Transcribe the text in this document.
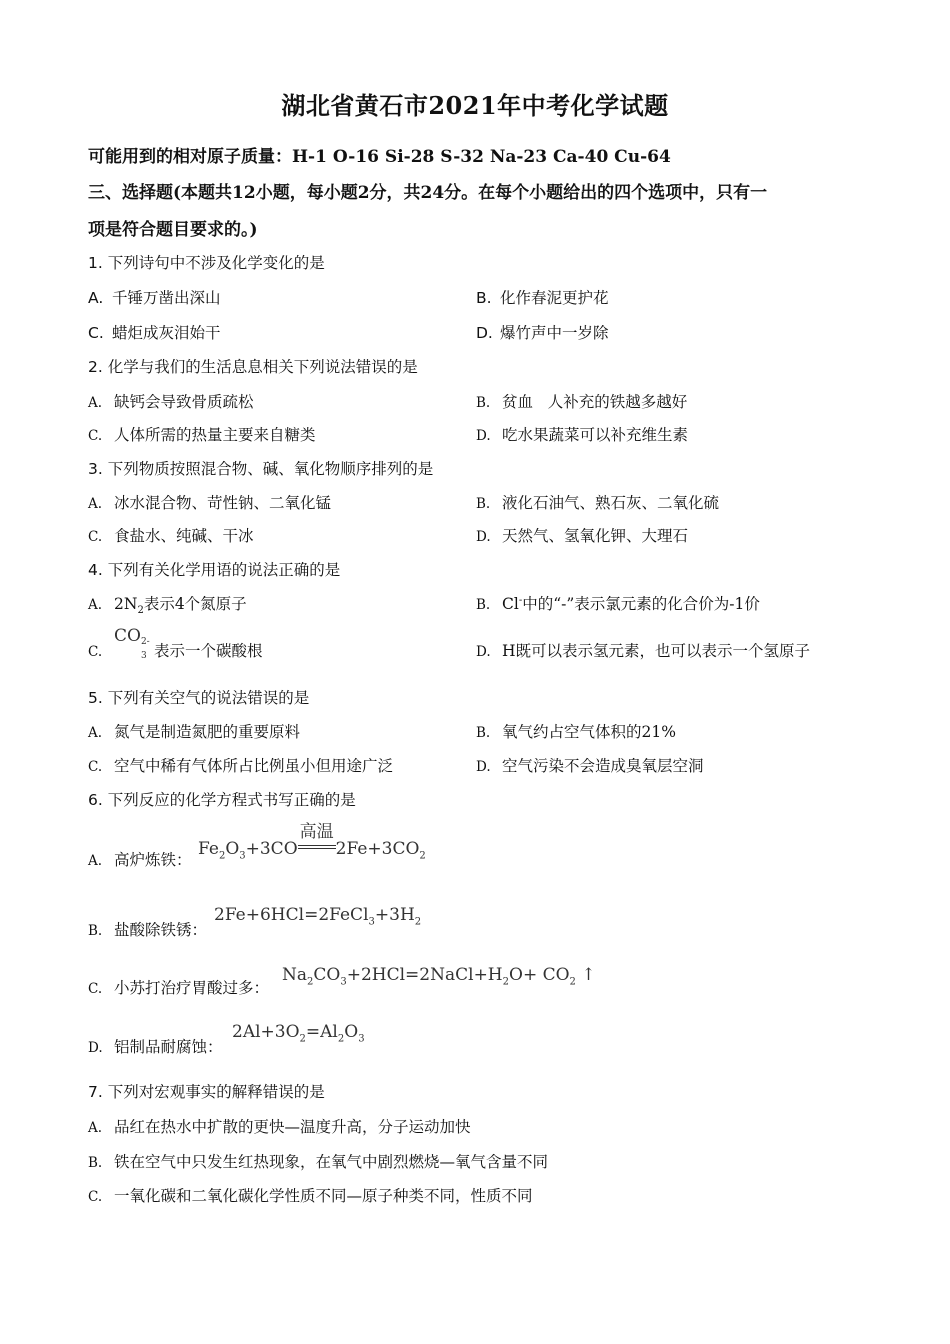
湖北省黄石市2021年中考化学试题
可能用到的相对原子质量：H-1 O-16 Si-28 S-32 Na-23 Ca-40 Cu-64
三、选择题(本题共12小题，每小题2分，共24分。在每个小题给出的四个选项中，只有一
项是符合题目要求的。)
1. 下列诗句中不涉及化学变化的是
A. 千锤万凿出深山	B. 化作春泥更护花
C. 蜡炬成灰泪始干	D. 爆竹声中一岁除
2. 化学与我们的生活息息相关下列说法错误的是
A. 缺钙会导致骨质疏松	B. 贫血   人补充的铁越多越好
C. 人体所需的热量主要来自糖类	D. 吃水果蔬菜可以补充维生素
3. 下列物质按照混合物、碱、氧化物顺序排列的是
A. 冰水混合物、苛性钠、二氧化锰	B. 液化石油气、熟石灰、二氧化硫
C. 食盐水、纯碱、干冰	D. 天然气、氢氧化钾、大理石
4. 下列有关化学用语的说法正确的是
A. $2N_2$表示4个氮原子	B. Cl-中的“-”表示氯元素的化合价为-1价
C.	表示一个碳酸根
CO 2-
3	D. H既可以表示氢元素，也可以表示一个氢原子
5. 下列有关空气的说法错误的是
A. 氮气是制造氮肥的重要原料	B. 氧气约占空气体积的21%
C. 空气中稀有气体所占比例虽小但用途广泛	D. 空气污染不会造成臭氧层空洞
6. 下列反应的化学方程式书写正确的是
A. 高炉炼铁：
$Fe_2O_3+3CO$
高温
$2Fe+3CO_2$
B. 盐酸除铁锈：
$2Fe+6HCl=2FeCl_3+3H_2$
C. 小苏打治疗胃酸过多：
$Na_2CO_3+2HCl=2NaCl+H_2O+ CO_2$ ↑
D. 铝制品耐腐蚀：
$2Al+3O_2=Al_2O_3$
7. 下列对宏观事实的解释错误的是
A. 品红在热水中扩散的更快—温度升高，分子运动加快
B. 铁在空气中只发生红热现象，在氧气中剧烈燃烧—氧气含量不同
C. 一氧化碳和二氧化碳化学性质不同—原子种类不同，性质不同
